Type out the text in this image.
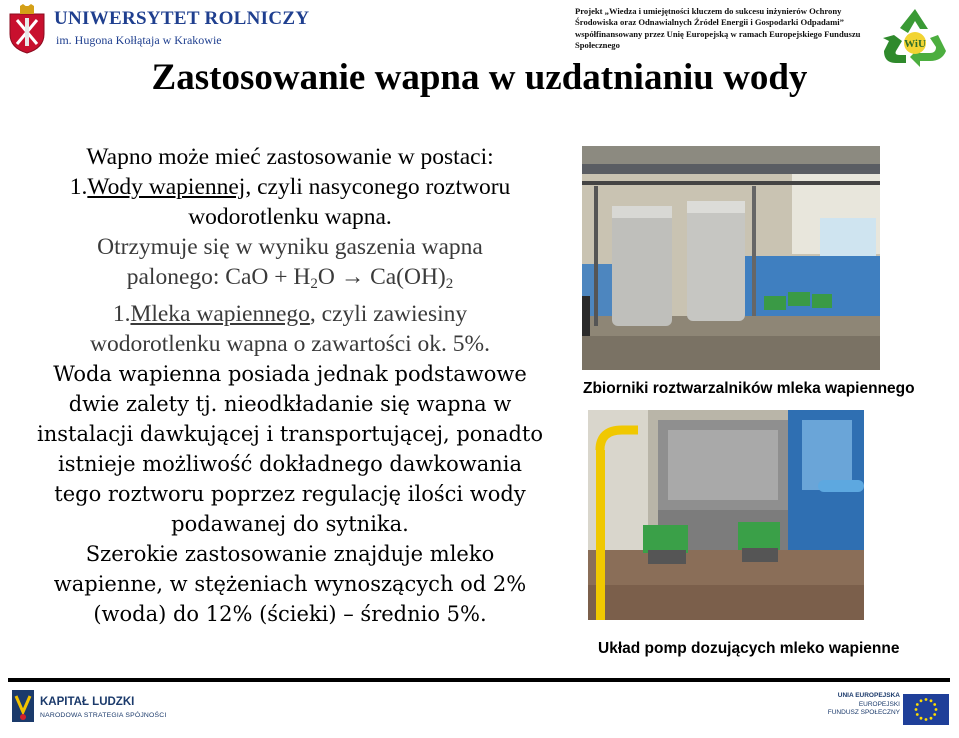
UNIWERSYTET ROLNICZY
im. Hugona Kołłątaja w Krakowie
Projekt „Wiedza i umiejętności kluczem do sukcesu inżynierów Ochrony
Środowiska oraz Odnawialnych Źródeł Energii i Gospodarki Odpadami”
współfinansowany przez Unię Europejską w ramach Europejskiego Funduszu
Społecznego	WiU
Zastosowanie wapna w uzdatnianiu wody
Wapno może mieć zastosowanie w postaci:
1.Wody wapiennej, czyli nasyconego roztworu
wodorotlenku wapna.
Otrzymuje się w wyniku gaszenia wapna
palonego: CaO + $H_2O \to Ca(OH)_2$
1.Mleka wapiennego, czyli zawiesiny
wodorotlenku wapna o zawartości ok. 5%.
Woda wapienna posiada jednak podstawowe
dwie zalety tj. nieodkładanie się wapna w
instalacji dawkującej i transportującej, ponadto
istnieje możliwość dokładnego dawkowania
tego roztworu poprzez regulację ilości wody
podawanej do sytnika.
Szerokie zastosowanie znajduje mleko
wapienne, w stężeniach wynoszących od 2%
(woda) do 12% (ścieki) – średnio 5%.
Zbiorniki roztwarzalników mleka wapiennego
Układ pomp dozujących mleko wapienne
KAPITAŁ LUDZKI
NARODOWA STRATEGIA SPÓJNOŚCI
UNIA EUROPEJSKA
EUROPEJSKI
FUNDUSZ SPOŁECZNY
